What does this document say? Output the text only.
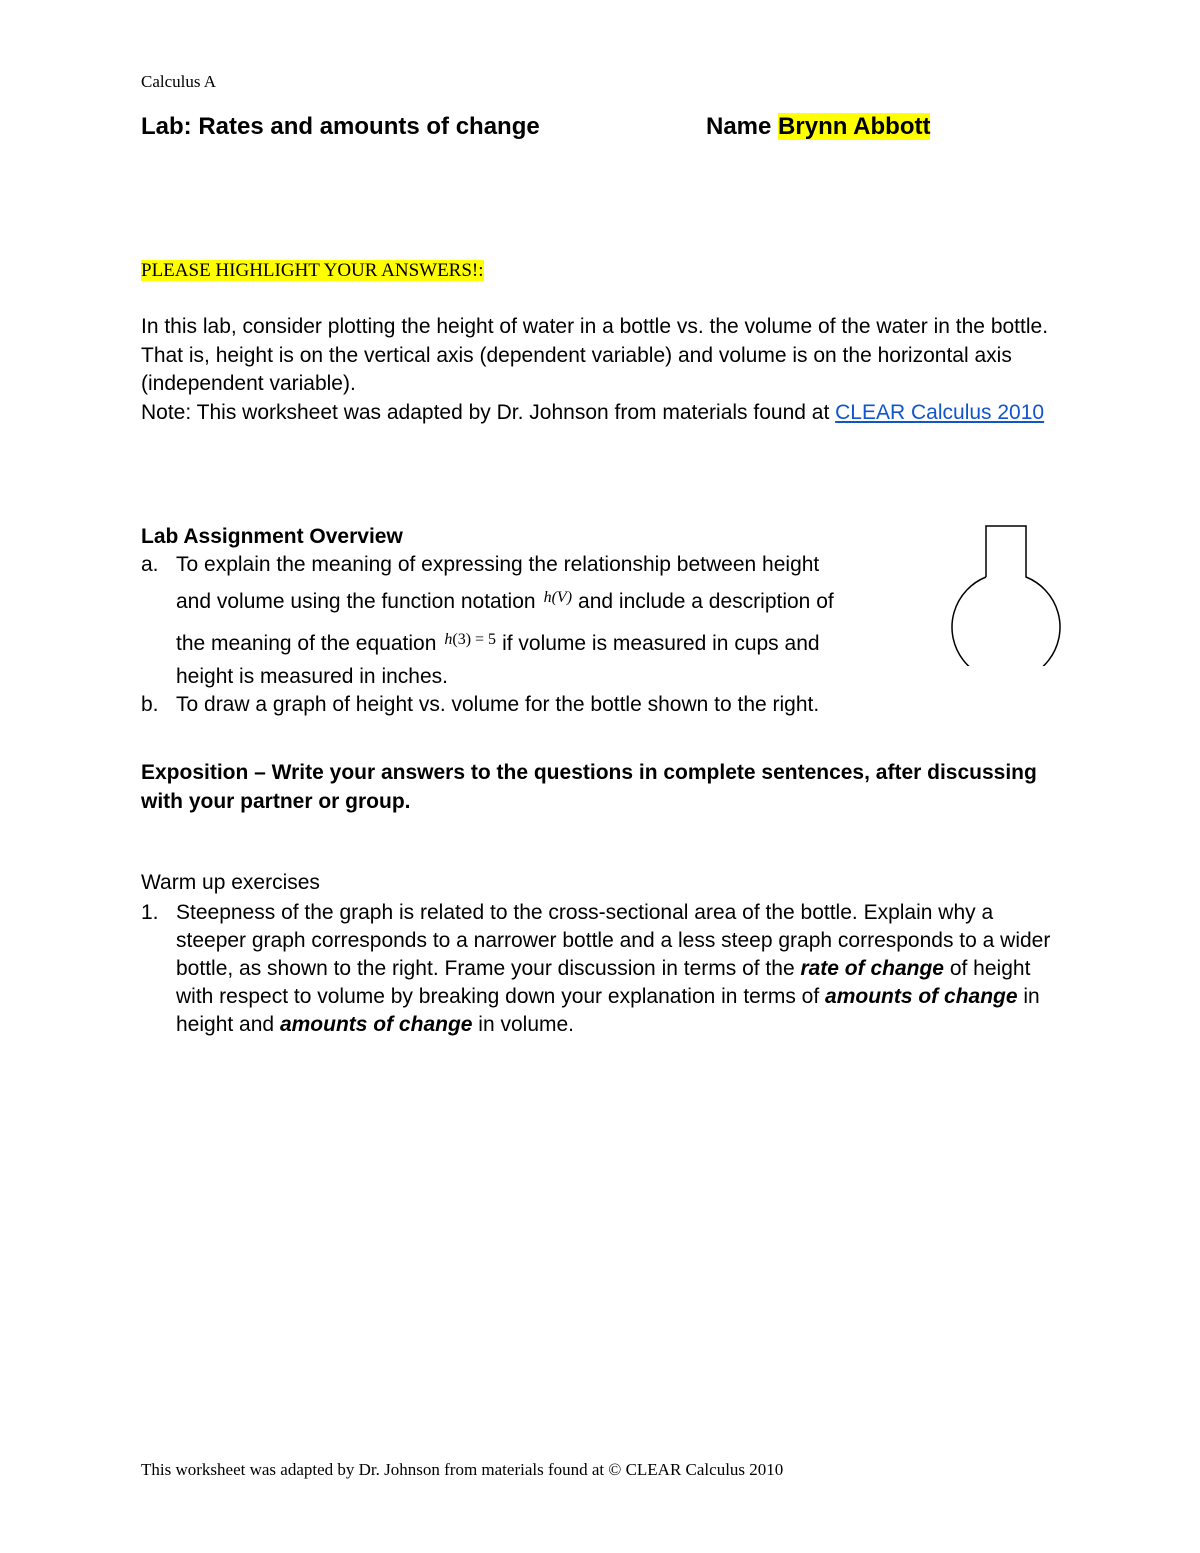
Calculus A
Lab: Rates and amounts of change	Name Brynn Abbott
PLEASE HIGHLIGHT YOUR ANSWERS!:
In this lab, consider plotting the height of water in a bottle vs. the volume of the water in the bottle. That is, height is on the vertical axis (dependent variable) and volume is on the horizontal axis (independent variable).
Note: This worksheet was adapted by Dr. Johnson from materials found at CLEAR Calculus 2010
Lab Assignment Overview
a. To explain the meaning of expressing the relationship between height
and volume using the function notation h(V) and include a description of
the meaning of the equation h(3) = 5 if volume is measured in cups and
height is measured in inches.
b. To draw a graph of height vs. volume for the bottle shown to the right.
Exposition – Write your answers to the questions in complete sentences, after discussing with your partner or group.
Warm up exercises
1. Steepness of the graph is related to the cross-sectional area of the bottle. Explain why a steeper graph corresponds to a narrower bottle and a less steep graph corresponds to a wider bottle, as shown to the right. Frame your discussion in terms of the rate of change of height with respect to volume by breaking down your explanation in terms of amounts of change in height and amounts of change in volume.
This worksheet was adapted by Dr. Johnson from materials found at © CLEAR Calculus 2010
